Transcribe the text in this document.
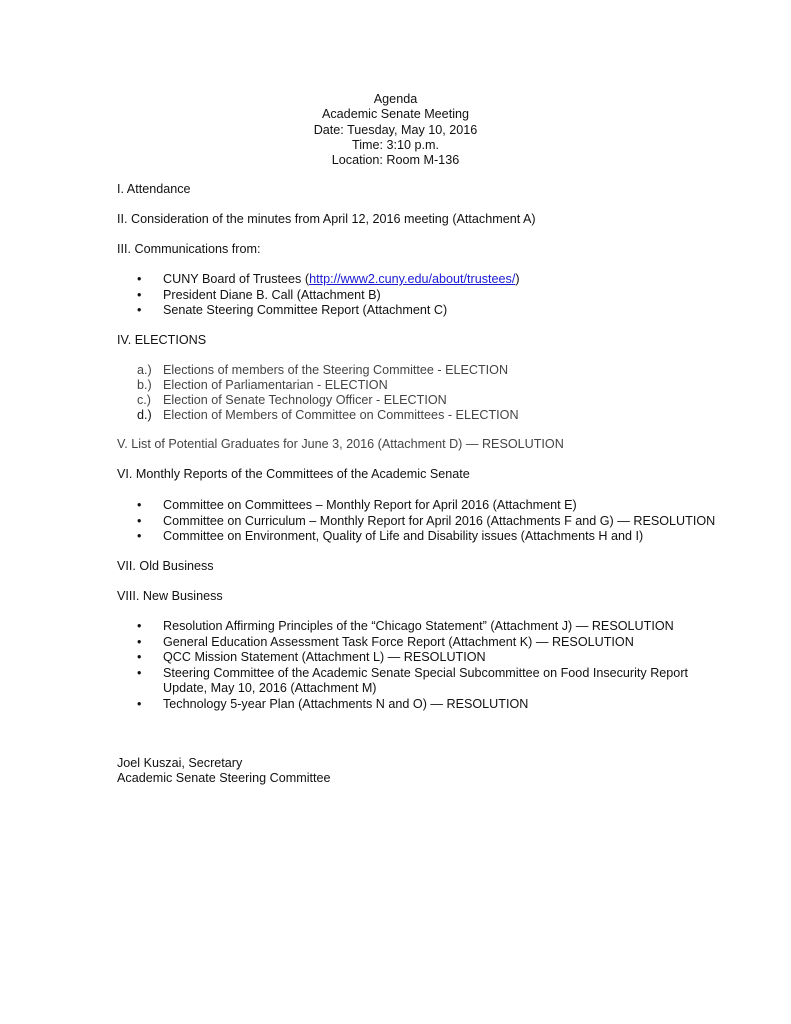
Agenda
Academic Senate Meeting
Date: Tuesday, May 10, 2016
Time: 3:10 p.m.
Location: Room M-136
I. Attendance
II. Consideration of the minutes from April 12, 2016 meeting (Attachment A)
III. Communications from:
• CUNY Board of Trustees (http://www2.cuny.edu/about/trustees/)
• President Diane B. Call (Attachment B)
• Senate Steering Committee Report (Attachment C)
IV. ELECTIONS
a.) Elections of members of the Steering Committee - ELECTION
b.) Election of Parliamentarian - ELECTION
c.) Election of Senate Technology Officer - ELECTION
d.) Election of Members of Committee on Committees - ELECTION
V. List of Potential Graduates for June 3, 2016 (Attachment D) — RESOLUTION
VI. Monthly Reports of the Committees of the Academic Senate
• Committee on Committees – Monthly Report for April 2016 (Attachment E)
• Committee on Curriculum – Monthly Report for April 2016 (Attachments F and G) — RESOLUTION
• Committee on Environment, Quality of Life and Disability issues (Attachments H and I)
VII. Old Business
VIII. New Business
• Resolution Affirming Principles of the “Chicago Statement” (Attachment J) — RESOLUTION
• General Education Assessment Task Force Report (Attachment K) — RESOLUTION
• QCC Mission Statement (Attachment L) — RESOLUTION
•	Steering Committee of the Academic Senate Special Subcommittee on Food Insecurity Report Update, May 10, 2016 (Attachment M)
• Technology 5-year Plan (Attachments N and O) — RESOLUTION
Joel Kuszai, Secretary
Academic Senate Steering Committee
